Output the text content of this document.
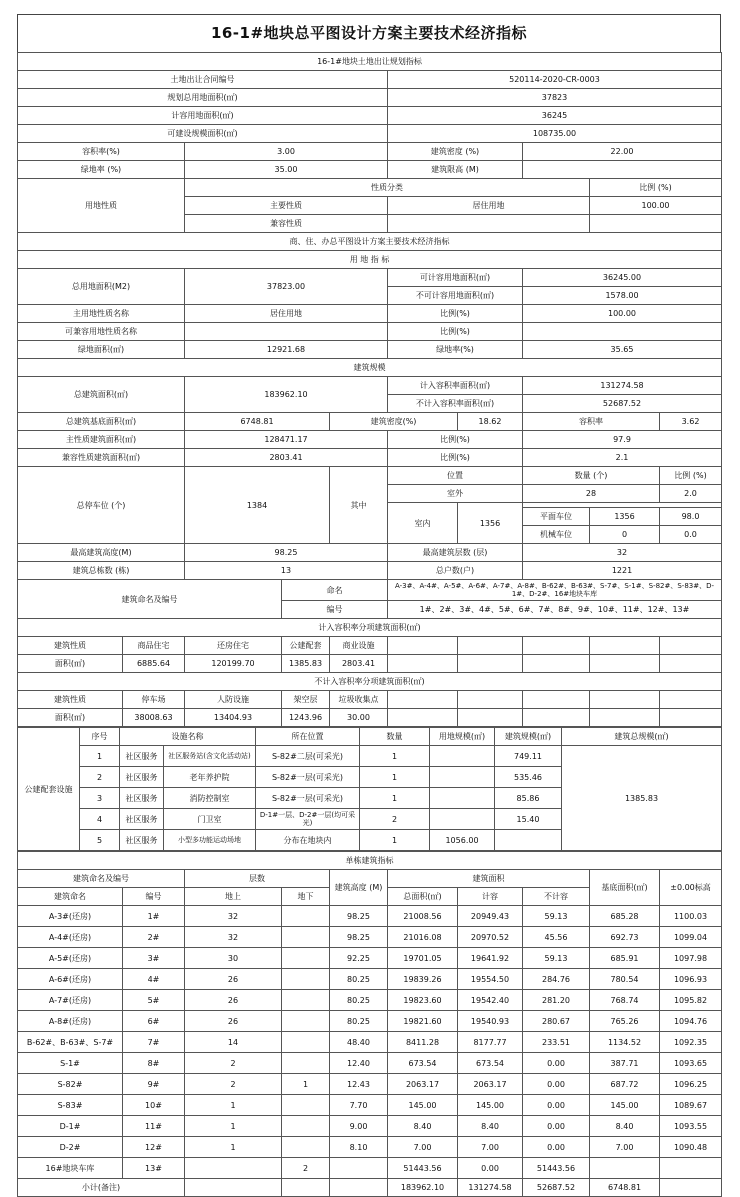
16-1#地块总平图设计方案主要技术经济指标
16-1#地块土地出让规划指标									
土地出让合同编号					520114-2020-CR-0003				
规划总用地面积(㎡)					37823				
计容用地面积(㎡)					36245				
可建设规模面积(㎡)					108735.00				
容积率(%)		3.00			建筑密度 (%)		22.00		
绿地率 (%)		35.00			建筑限高 (M)				
用地性质		性质分类						比例 (%)	
		主要性质			居住用地			100.00	
		兼容性质							
商、住、办总平图设计方案主要技术经济指标									
用 地 指 标									
总用地面积(M2)		37823.00			可计容用地面积(㎡)		36245.00		
					不可计容用地面积(㎡)		1578.00		
主用地性质名称		居住用地			比例(%)		100.00		
可兼容用地性质名称					比例(%)				
绿地面积(㎡)		12921.68			绿地率(%)		35.65		
建筑规模									
总建筑面积(㎡)		183962.10			计入容积率面积(㎡)		131274.58		
					不计入容积率面积(㎡)		52687.52		
总建筑基底面积(㎡)		6748.81		建筑密度(%)		18.62	容积率		3.62
主性质建筑面积(㎡)		128471.17			比例(%)		97.9		
兼容性质建筑面积(㎡)		2803.41			比例(%)		2.1		
总停车位 (个)		1384		其中	位置		数量 (个)		比例 (%)
					室外		28		2.0
					室内	1356			
							平面车位	1356	98.0
							机械车位	0	0.0
最高建筑高度(M)		98.25			最高建筑层数 (层)		32		
建筑总栋数 (栋)		13			总户数(户)		1221		
建筑命名及编号			命名		A-3#、A-4#、A-5#、A-6#、A-7#、A-8#、B-62#、B-63#、S-7#、S-1#、S-82#、S-83#、D-1#、D-2#、16#地块车库				
			编号		1#、2#、3#、4#、5#、6#、7#、8#、9#、10#、11#、12#、13#				
计入容积率分项建筑面积(㎡)									
建筑性质	商品住宅	还房住宅	公建配套	商业设施					
面积(㎡)	6885.64	120199.70	1385.83	2803.41					
不计入容积率分项建筑面积(㎡)									
建筑性质	停车场	人防设施	架空层	垃圾收集点					
面积(㎡)	38008.63	13404.93	1243.96	30.00					
公建配套设施	序号	设施名称		所在位置	数量	用地规模(㎡)	建筑规模(㎡)	建筑总规模(㎡)
	1	社区服务	社区服务站(含文化活动站)	S-82#二层(可采光)	1		749.11	1385.83
	2	社区服务	老年养护院	S-82#一层(可采光)	1		535.46	
	3	社区服务	消防控制室	S-82#一层(可采光)	1		85.86	
	4	社区服务	门卫室	D-1#一层、D-2#一层(均可采光)	2		15.40	
	5	社区服务	小型多功能运动场地	分布在地块内	1	1056.00		
单栋建筑指标									
建筑命名及编号		层数		建筑高度 (M)	建筑面积			基底面积(㎡)	±0.00标高
建筑命名	编号	地上	地下		总面积(㎡)	计容	不计容		
A-3#(还房)	1#	32		98.25	21008.56	20949.43	59.13	685.28	1100.03
A-4#(还房)	2#	32		98.25	21016.08	20970.52	45.56	692.73	1099.04
A-5#(还房)	3#	30		92.25	19701.05	19641.92	59.13	685.91	1097.98
A-6#(还房)	4#	26		80.25	19839.26	19554.50	284.76	780.54	1096.93
A-7#(还房)	5#	26		80.25	19823.60	19542.40	281.20	768.74	1095.82
A-8#(还房)	6#	26		80.25	19821.60	19540.93	280.67	765.26	1094.76
B-62#、B-63#、S-7#	7#	14		48.40	8411.28	8177.77	233.51	1134.52	1092.35
S-1#	8#	2		12.40	673.54	673.54	0.00	387.71	1093.65
S-82#	9#	2	1	12.43	2063.17	2063.17	0.00	687.72	1096.25
S-83#	10#	1		7.70	145.00	145.00	0.00	145.00	1089.67
D-1#	11#	1		9.00	8.40	8.40	0.00	8.40	1093.55
D-2#	12#	1		8.10	7.00	7.00	0.00	7.00	1090.48
16#地块车库	13#		2		51443.56	0.00	51443.56		
小计(备注)					183962.10	131274.58	52687.52	6748.81	
